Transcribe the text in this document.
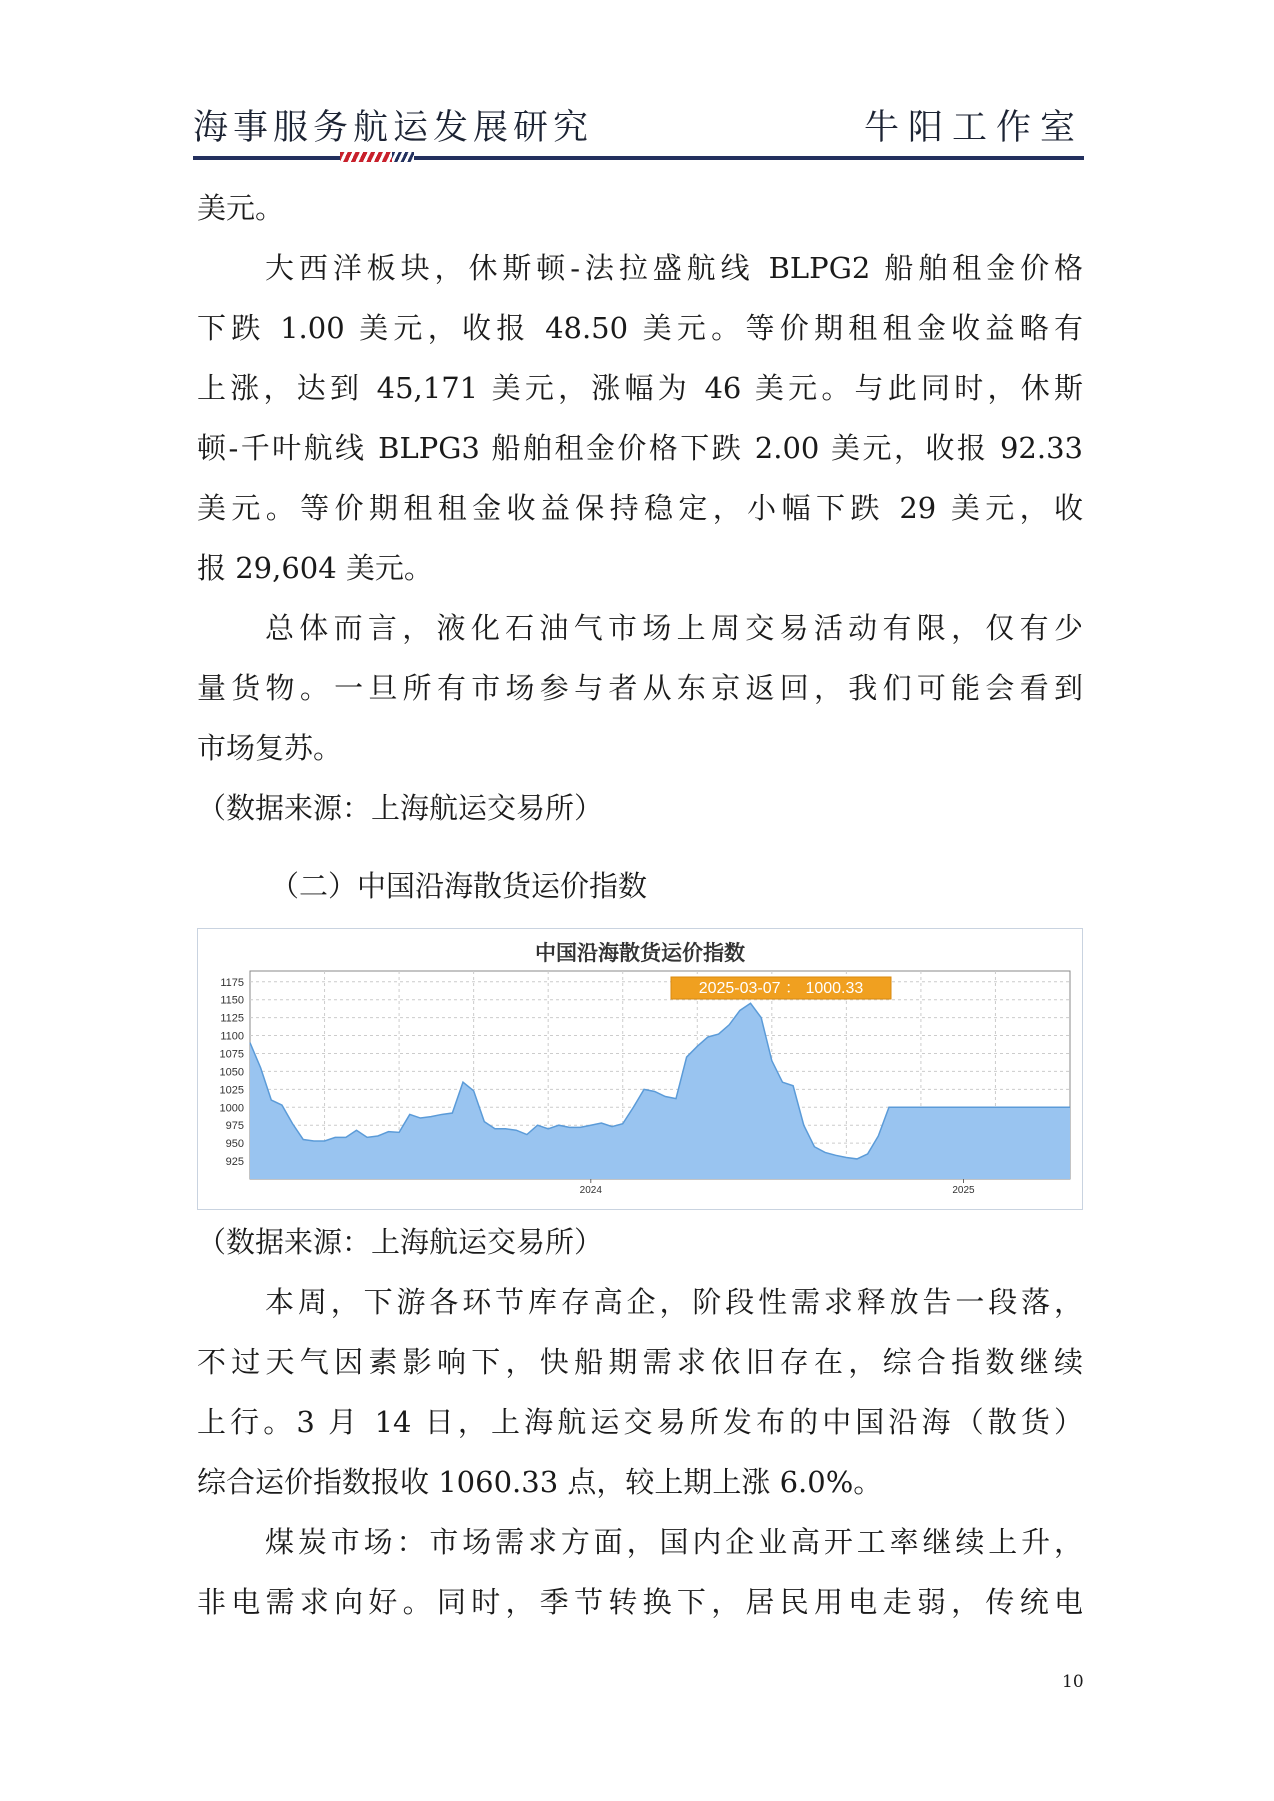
海事服务航运发展研究	牛阳工作室
美元。
大西洋板块，休斯顿-法拉盛航线 BLPG2 船舶租金价格
下跌 1.00 美元，收报 48.50 美元。等价期租租金收益略有
上涨，达到 45,171 美元，涨幅为 46 美元。与此同时，休斯
顿-千叶航线 BLPG3 船舶租金价格下跌 2.00 美元，收报 92.33
美元。等价期租租金收益保持稳定，小幅下跌 29 美元，收
报 29,604 美元。
总体而言，液化石油气市场上周交易活动有限，仅有少
量货物。一旦所有市场参与者从东京返回，我们可能会看到
市场复苏。
（数据来源：上海航运交易所）
（二）中国沿海散货运价指数
中国沿海散货运价指数
925
950
975
1000
1025
1050
1075
1100
1125
1150
1175
2024	2025
2025-03-07 ： 1000.33
（数据来源：上海航运交易所）
本周，下游各环节库存高企，阶段性需求释放告一段落，
不过天气因素影响下，快船期需求依旧存在，综合指数继续
上行。3 月 14 日，上海航运交易所发布的中国沿海（散货）
综合运价指数报收 1060.33 点，较上期上涨 6.0%。
煤炭市场：市场需求方面，国内企业高开工率继续上升，
非电需求向好。同时，季节转换下，居民用电走弱，传统电
10
